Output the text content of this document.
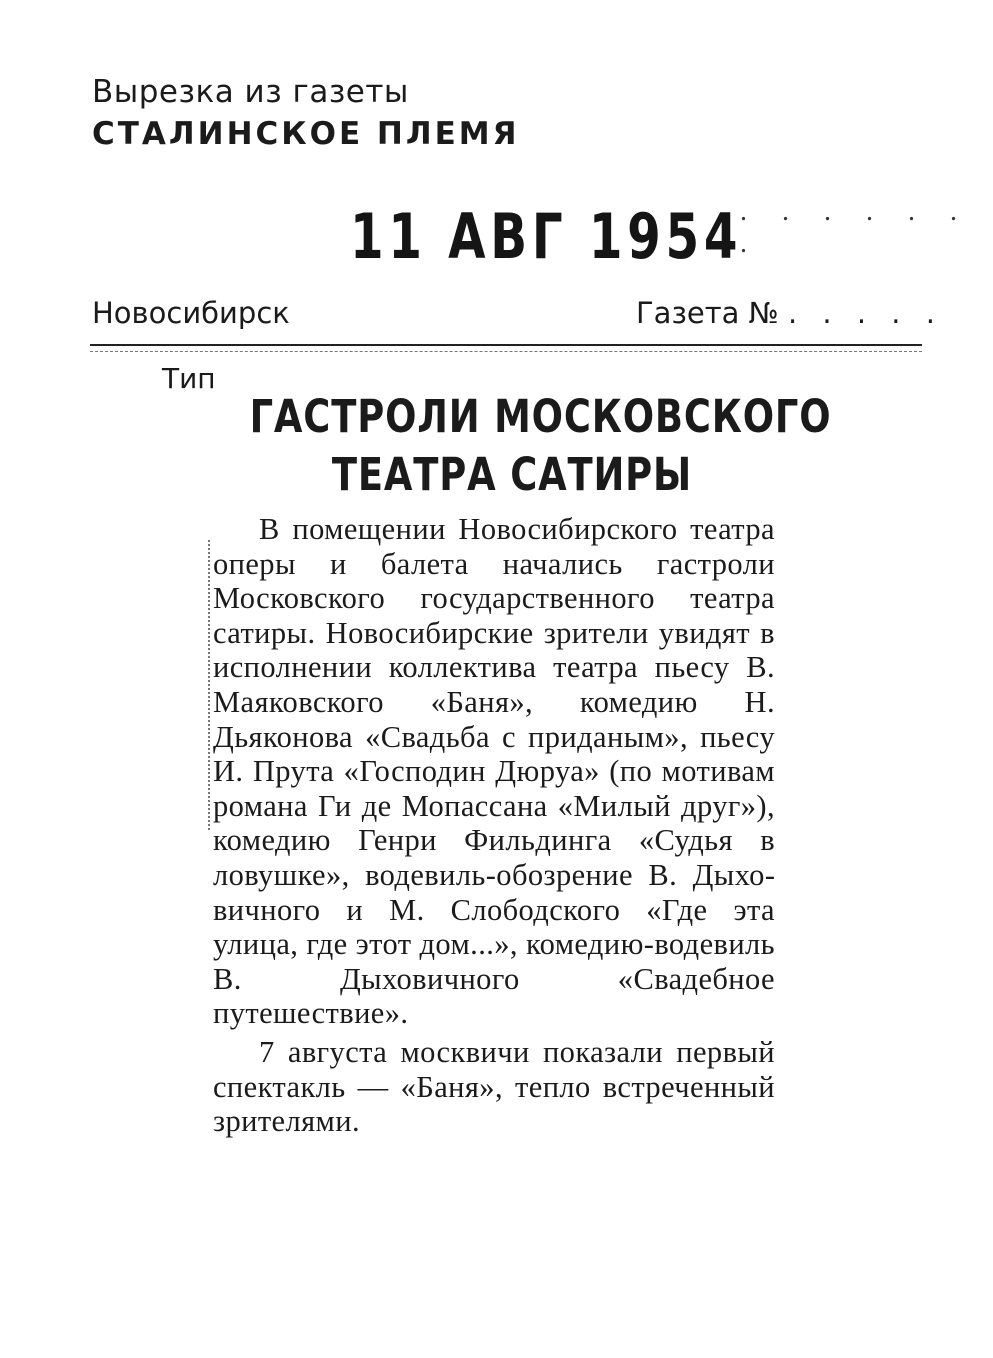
Вырезка из газеты
СТАЛИНСКОЕ ПЛЕМЯ
11 АВГ 1954
. . . . . . .
Новосибирск	Газета № . . . . .
Тип
ГАСТРОЛИ МОСКОВСКОГО
ТЕАТРА САТИРЫ

В помещении Новосибирского театра оперы и балета начались гастроли Московского государственного театра сатиры. Новосибирские зрители увидят в исполнении коллектива театра пьесу В. Маяковского «Баня», комедию Н. Дьяконова «Свадьба с приданым», пьесу И. Прута «Господин Дюруа» (по мотивам романа Ги де Мопассана «Милый друг»), комедию Генри Фильдинга «Судья в ловушке», водевиль-обозрение В. Дыховичного и М. Слободского «Где эта улица, где этот дом...», комедию-водевиль В. Дыховичного «Свадебное путешествие».

7 августа москвичи показали первый спектакль — «Баня», тепло встреченный зрителями.
